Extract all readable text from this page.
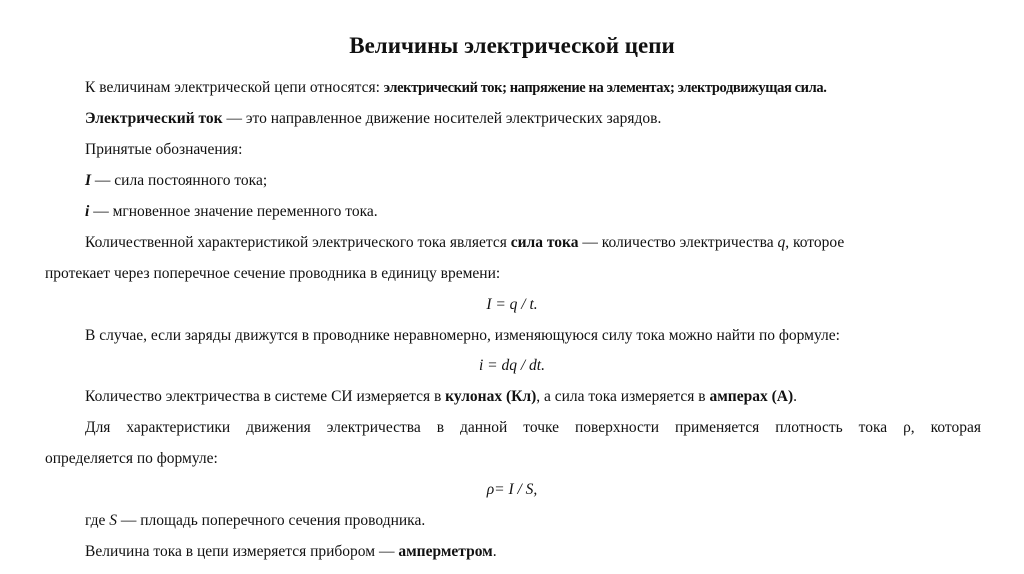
Величины электрической цепи
К величинам электрической цепи относятся: электрический ток; напряжение на элементах; электродвижущая сила.
Электрический ток — это направленное движение носителей электрических зарядов.
Принятые обозначения:
I — сила постоянного тока;
i — мгновенное значение переменного тока.
Количественной характеристикой электрического тока является сила тока — количество электричества q, которое
протекает через поперечное сечение проводника в единицу времени:
I = q / t.
В случае, если заряды движутся в проводнике неравномерно, изменяющуюся силу тока можно найти по формуле:
i = dq / dt.
Количество электричества в системе СИ измеряется в кулонах (Кл), а сила тока измеряется в амперах (А).
Для характеристики движения электричества в данной точке поверхности применяется плотность тока ρ, которая
определяется по формуле:
ρ= I / S,
где S — площадь поперечного сечения проводника.
Величина тока в цепи измеряется прибором — амперметром.
